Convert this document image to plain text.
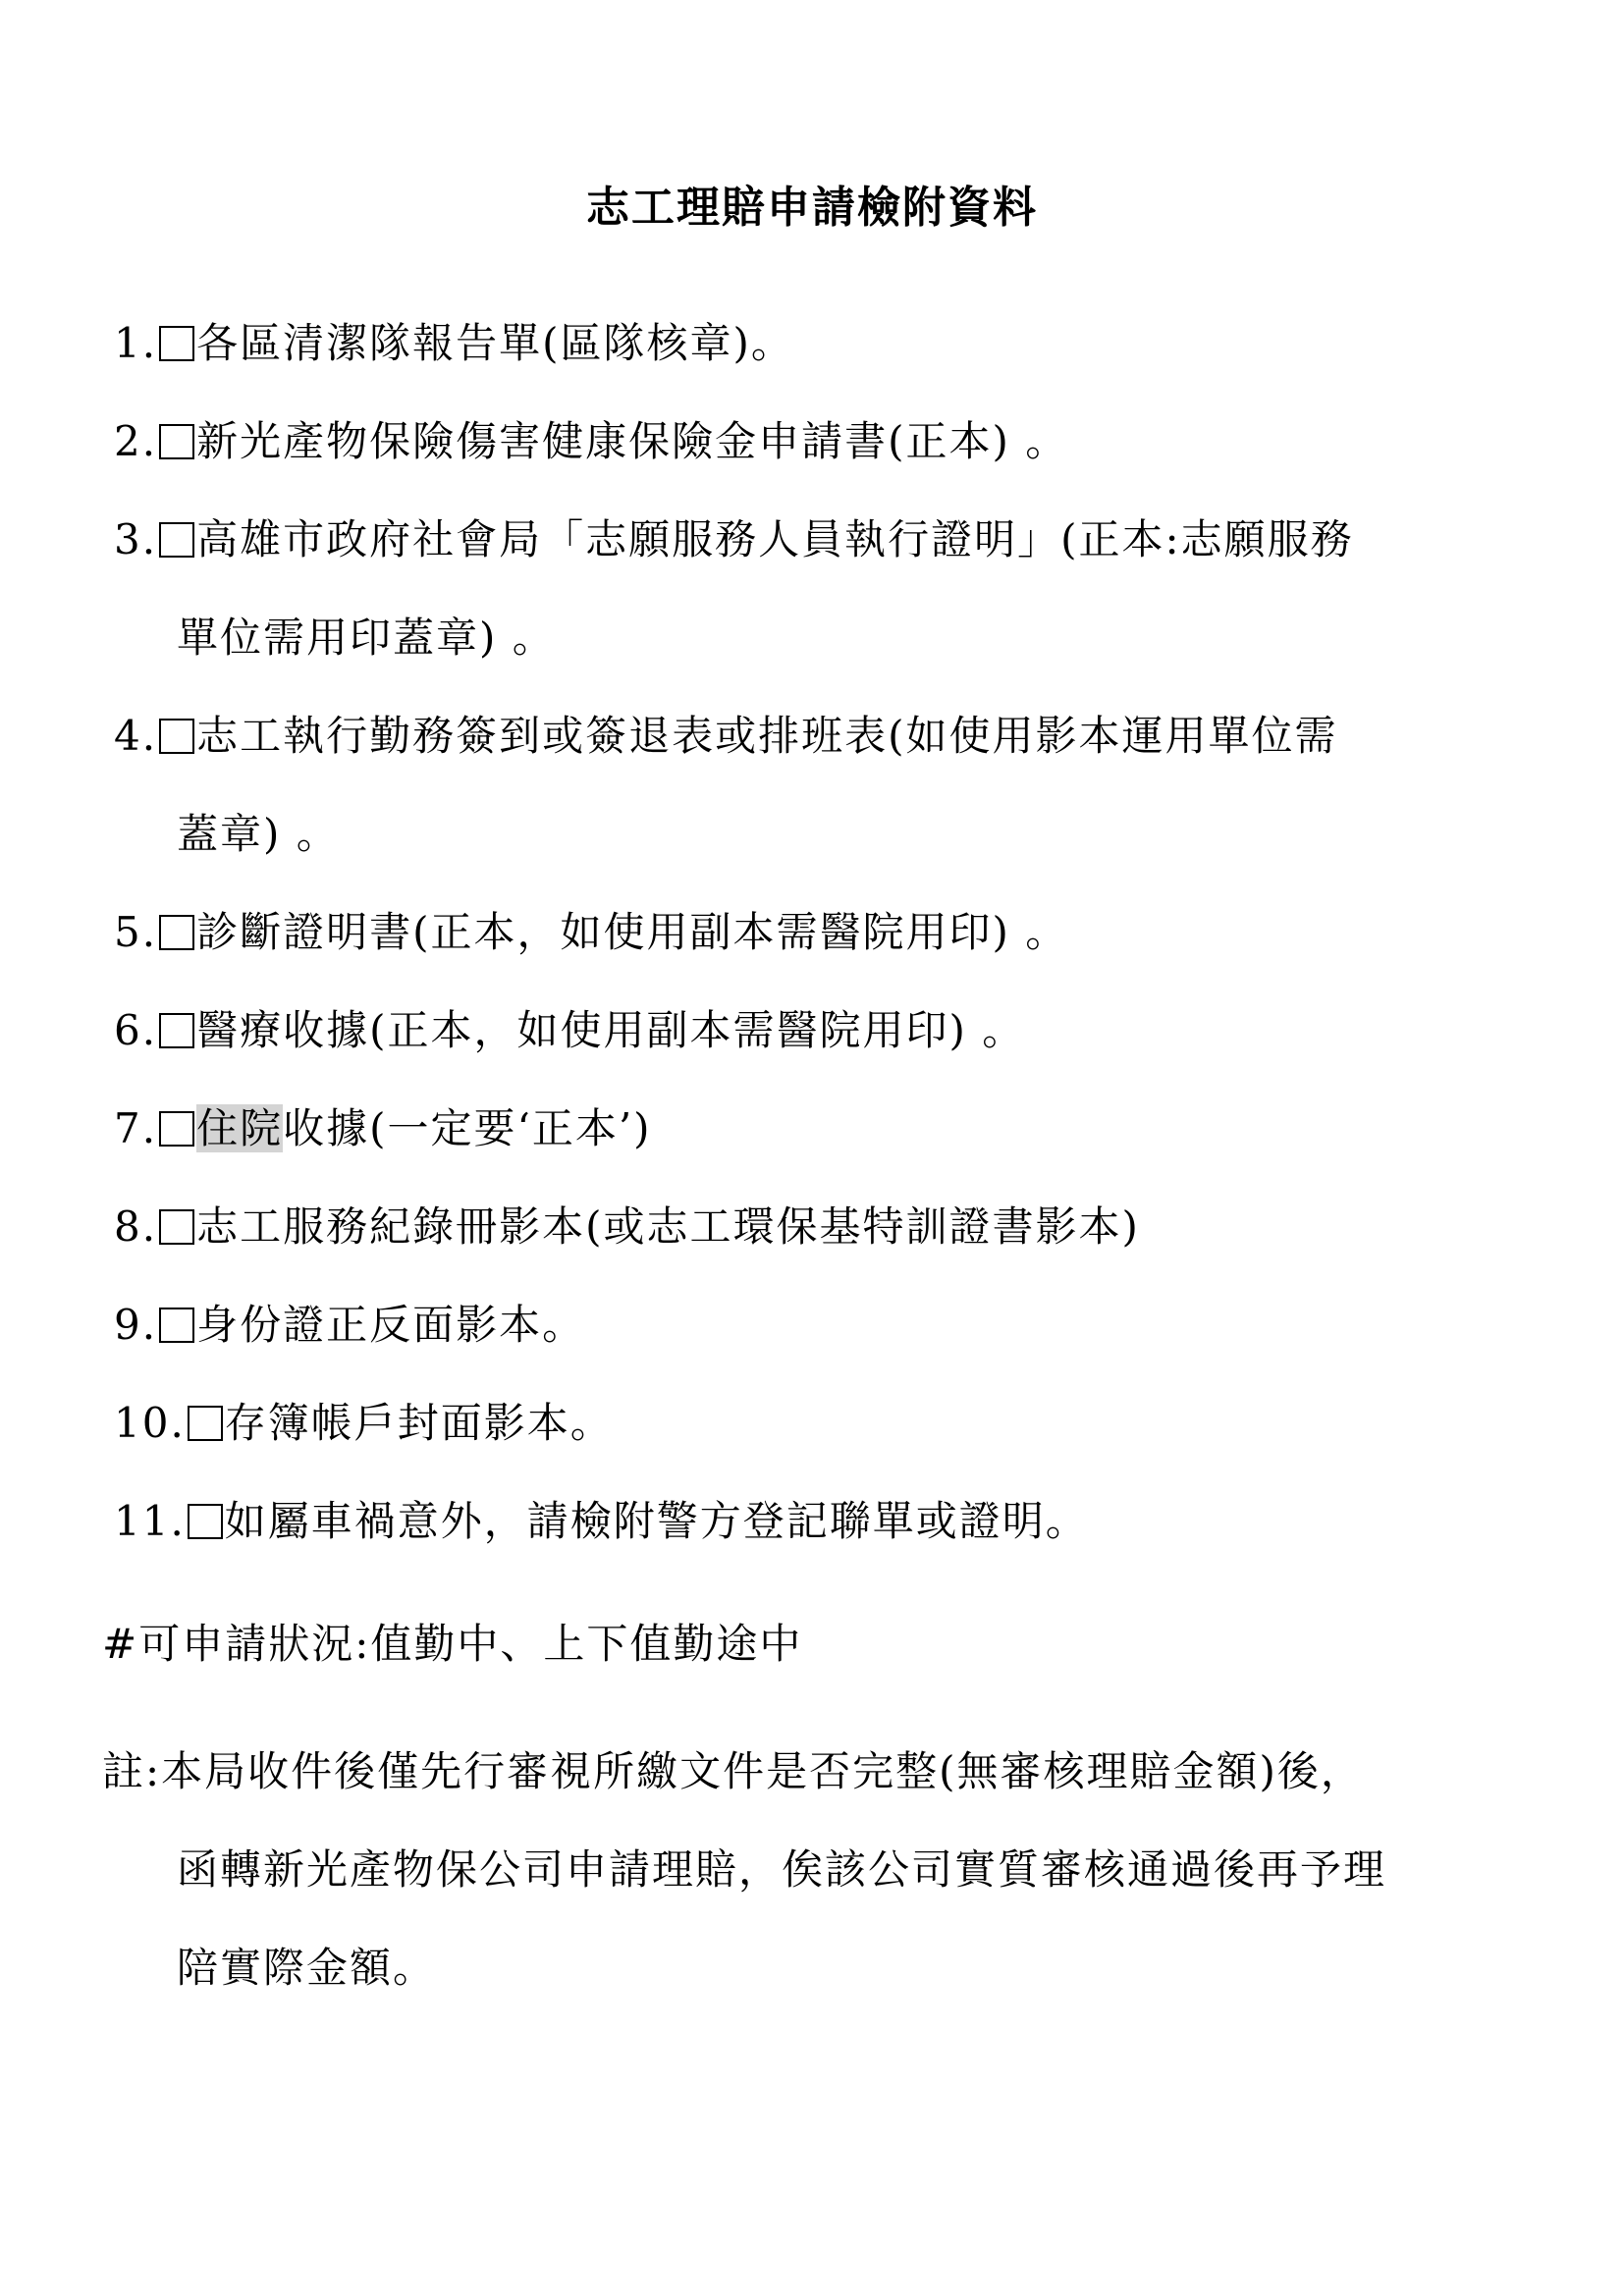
志工理賠申請檢附資料
1. 各區清潔隊報告單(區隊核章)。
2. 新光產物保險傷害健康保險金申請書(正本) 。
3. 高雄市政府社會局「志願服務人員執行證明」(正本:志願服務
單位需用印蓋章) 。
4. 志工執行勤務簽到或簽退表或排班表(如使用影本運用單位需
蓋章) 。
5. 診斷證明書(正本，如使用副本需醫院用印) 。
6. 醫療收據(正本，如使用副本需醫院用印) 。
7. 住院收據(一定要‘正本’)
8. 志工服務紀錄冊影本(或志工環保基特訓證書影本)
9. 身份證正反面影本。
10. 存簿帳戶封面影本。
11. 如屬車禍意外，請檢附警方登記聯單或證明。
#可申請狀況:值勤中、上下值勤途中
註:本局收件後僅先行審視所繳文件是否完整(無審核理賠金額)後，
函轉新光產物保公司申請理賠，俟該公司實質審核通過後再予理
陪實際金額。
